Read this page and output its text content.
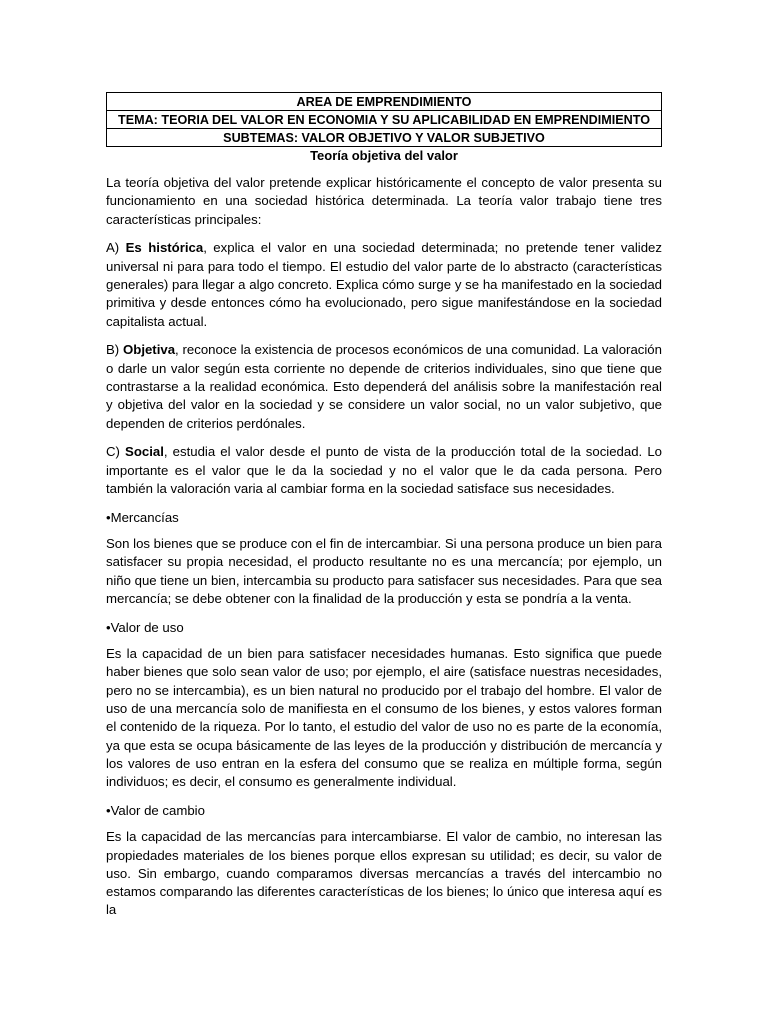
AREA DE EMPRENDIMIENTO
TEMA: TEORIA DEL VALOR EN ECONOMIA Y SU APLICABILIDAD EN EMPRENDIMIENTO
SUBTEMAS: VALOR OBJETIVO Y VALOR SUBJETIVO
Teoría objetiva del valor

La teoría objetiva del valor pretende explicar históricamente el concepto de valor presenta su funcionamiento en una sociedad histórica determinada. La teoría valor trabajo tiene tres características principales:

A) Es histórica, explica el valor en una sociedad determinada; no pretende tener validez universal ni para para todo el tiempo. El estudio del valor parte de lo abstracto (características generales) para llegar a algo concreto. Explica cómo surge y se ha manifestado en la sociedad primitiva y desde entonces cómo ha evolucionado, pero sigue manifestándose en la sociedad capitalista actual.

B) Objetiva, reconoce la existencia de procesos económicos de una comunidad. La valoración o darle un valor según esta corriente no depende de criterios individuales, sino que tiene que contrastarse a la realidad económica. Esto dependerá del análisis sobre la manifestación real y objetiva del valor en la sociedad y se considere un valor social, no un valor subjetivo, que dependen de criterios perdónales.

C) Social, estudia el valor desde el punto de vista de la producción total de la sociedad. Lo importante es el valor que le da la sociedad y no el valor que le da cada persona. Pero también la valoración varia al cambiar forma en la sociedad satisface sus necesidades.

•Mercancías

Son los bienes que se produce con el fin de intercambiar. Si una persona produce un bien para satisfacer su propia necesidad, el producto resultante no es una mercancía; por ejemplo, un niño que tiene un bien, intercambia su producto para satisfacer sus necesidades. Para que sea mercancía; se debe obtener con la finalidad de la producción y esta se pondría a la venta.

•Valor de uso

Es la capacidad de un bien para satisfacer necesidades humanas. Esto significa que puede haber bienes que solo sean valor de uso; por ejemplo, el aire (satisface nuestras necesidades, pero no se intercambia), es un bien natural no producido por el trabajo del hombre. El valor de uso de una mercancía solo de manifiesta en el consumo de los bienes, y estos valores forman el contenido de la riqueza. Por lo tanto, el estudio del valor de uso no es parte de la economía, ya que esta se ocupa básicamente de las leyes de la producción y distribución de mercancía y los valores de uso entran en la esfera del consumo que se realiza en múltiple forma, según individuos; es decir, el consumo es generalmente individual.

•Valor de cambio

Es la capacidad de las mercancías para intercambiarse. El valor de cambio, no interesan las propiedades materiales de los bienes porque ellos expresan su utilidad; es decir, su valor de uso. Sin embargo, cuando comparamos diversas mercancías a través del intercambio no estamos comparando las diferentes características de los bienes; lo único que interesa aquí es la
